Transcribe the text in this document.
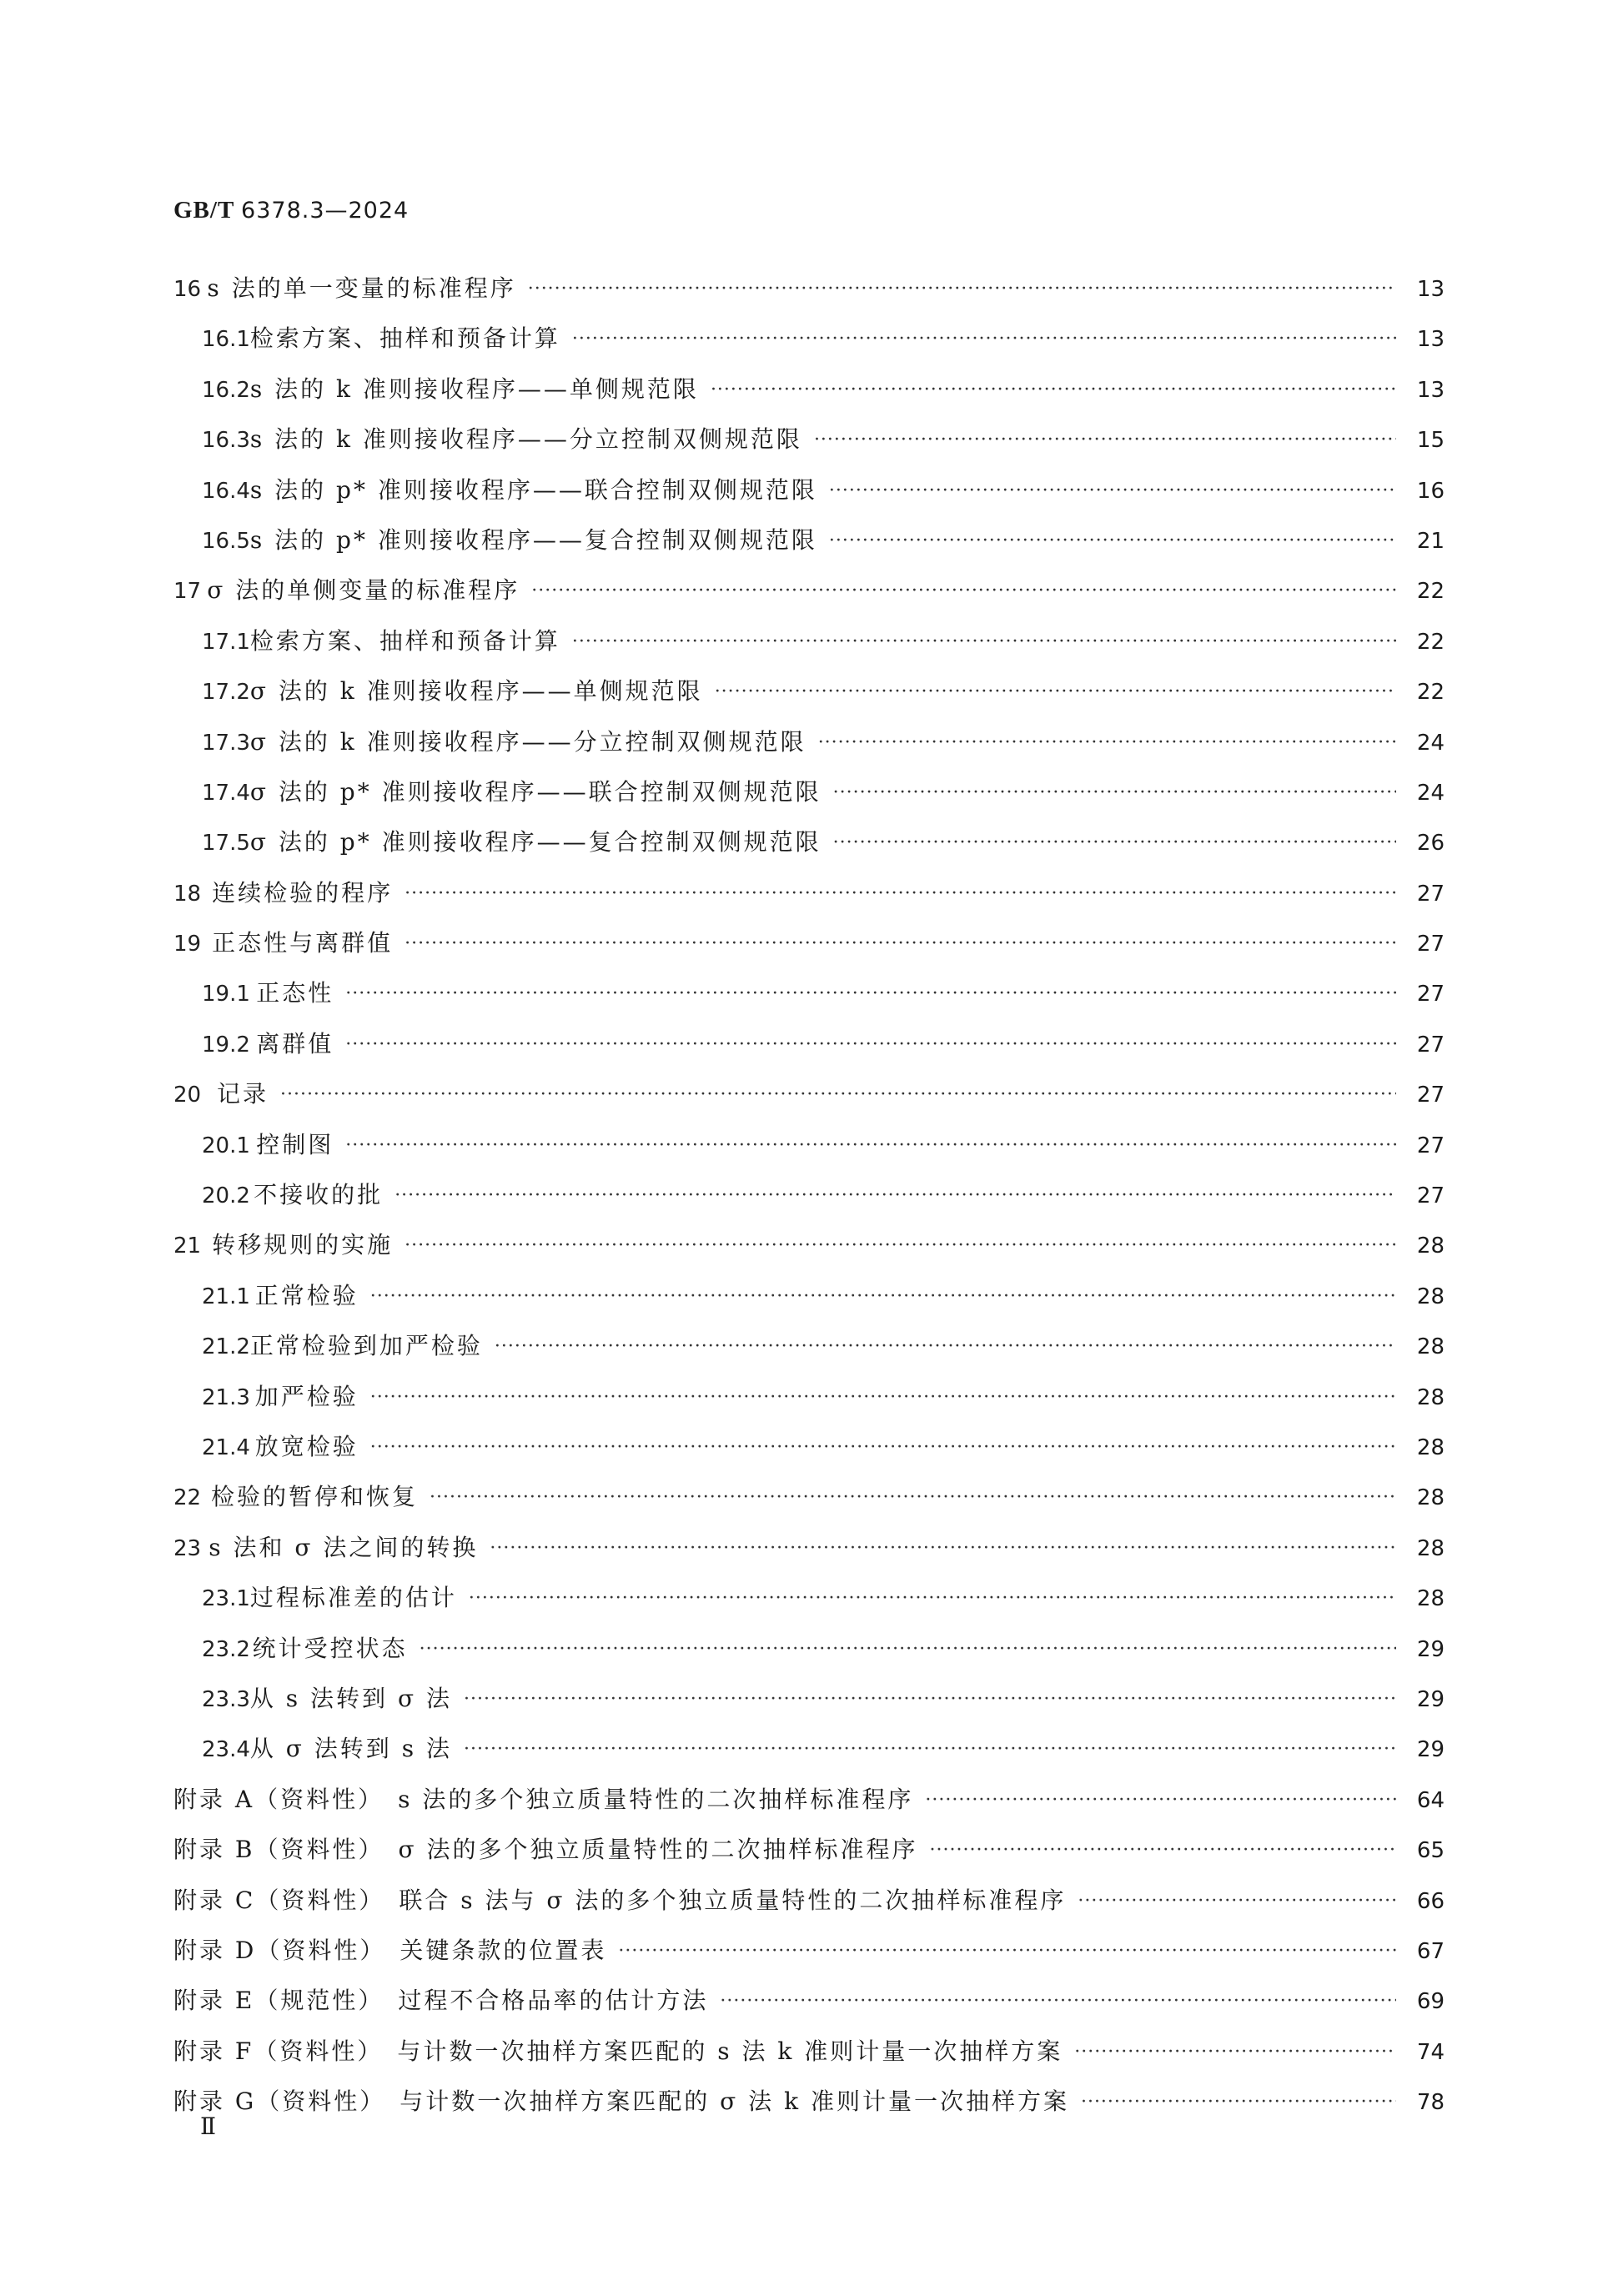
GB/T 6378.3—2024
16 s 法的单一变量的标准程序 ·····	13
16.1 检索方案、抽样和预备计算 ·····	13
16.2 s 法的 k 准则接收程序——单侧规范限 ·····	13
16.3 s 法的 k 准则接收程序——分立控制双侧规范限 ·····	15
16.4 s 法的 p* 准则接收程序——联合控制双侧规范限 ·····	16
16.5 s 法的 p* 准则接收程序——复合控制双侧规范限 ·····	21
17 σ 法的单侧变量的标准程序 ·····	22
17.1 检索方案、抽样和预备计算 ·····	22
17.2 σ 法的 k 准则接收程序——单侧规范限 ·····	22
17.3 σ 法的 k 准则接收程序——分立控制双侧规范限 ·····	24
17.4 σ 法的 p* 准则接收程序——联合控制双侧规范限 ·····	24
17.5 σ 法的 p* 准则接收程序——复合控制双侧规范限 ·····	26
18 连续检验的程序 ·····	27
19 正态性与离群值 ·····	27
19.1 正态性 ·····	27
19.2 离群值 ·····	27
20 记录 ·····	27
20.1 控制图 ·····	27
20.2 不接收的批 ·····	27
21 转移规则的实施 ·····	28
21.1 正常检验 ·····	28
21.2 正常检验到加严检验 ·····	28
21.3 加严检验 ·····	28
21.4 放宽检验 ·····	28
22 检验的暂停和恢复 ·····	28
23 s 法和 σ 法之间的转换 ·····	28
23.1 过程标准差的估计 ·····	28
23.2 统计受控状态 ·····	29
23.3 从 s 法转到 σ 法 ·····	29
23.4 从 σ 法转到 s 法 ·····	29
附录 A（资料性）　s 法的多个独立质量特性的二次抽样标准程序 ·····	64
附录 B（资料性）　σ 法的多个独立质量特性的二次抽样标准程序 ·····	65
附录 C（资料性）　联合 s 法与 σ 法的多个独立质量特性的二次抽样标准程序 ·····	66
附录 D（资料性）　关键条款的位置表 ·····	67
附录 E（规范性）　过程不合格品率的估计方法 ·····	69
附录 F（资料性）　与计数一次抽样方案匹配的 s 法 k 准则计量一次抽样方案 ·····	74
附录 G（资料性）　与计数一次抽样方案匹配的 σ 法 k 准则计量一次抽样方案 ·····	78
Ⅱ
